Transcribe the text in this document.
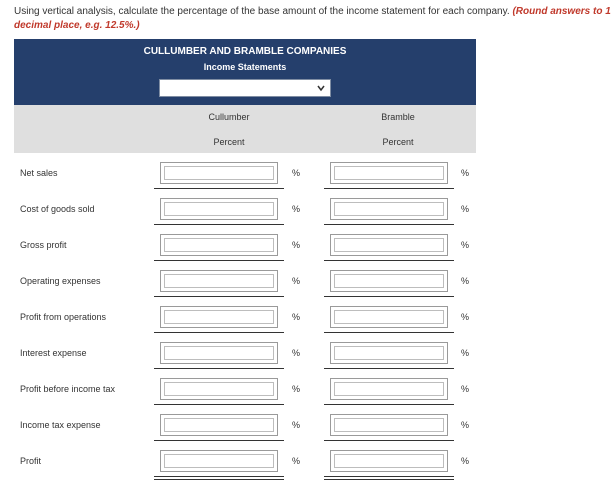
Using vertical analysis, calculate the percentage of the base amount of the income statement for each company. (Round answers to 1 decimal place, e.g. 12.5%.)
CULLUMBER AND BRAMBLE COMPANIES
Income Statements
Cullumber
Percent
Bramble
Percent
Net sales	%	%
Cost of goods sold	%	%
Gross profit	%	%
Operating expenses	%	%
Profit from operations	%	%
Interest expense	%	%
Profit before income tax	%	%
Income tax expense	%	%
Profit	%	%
